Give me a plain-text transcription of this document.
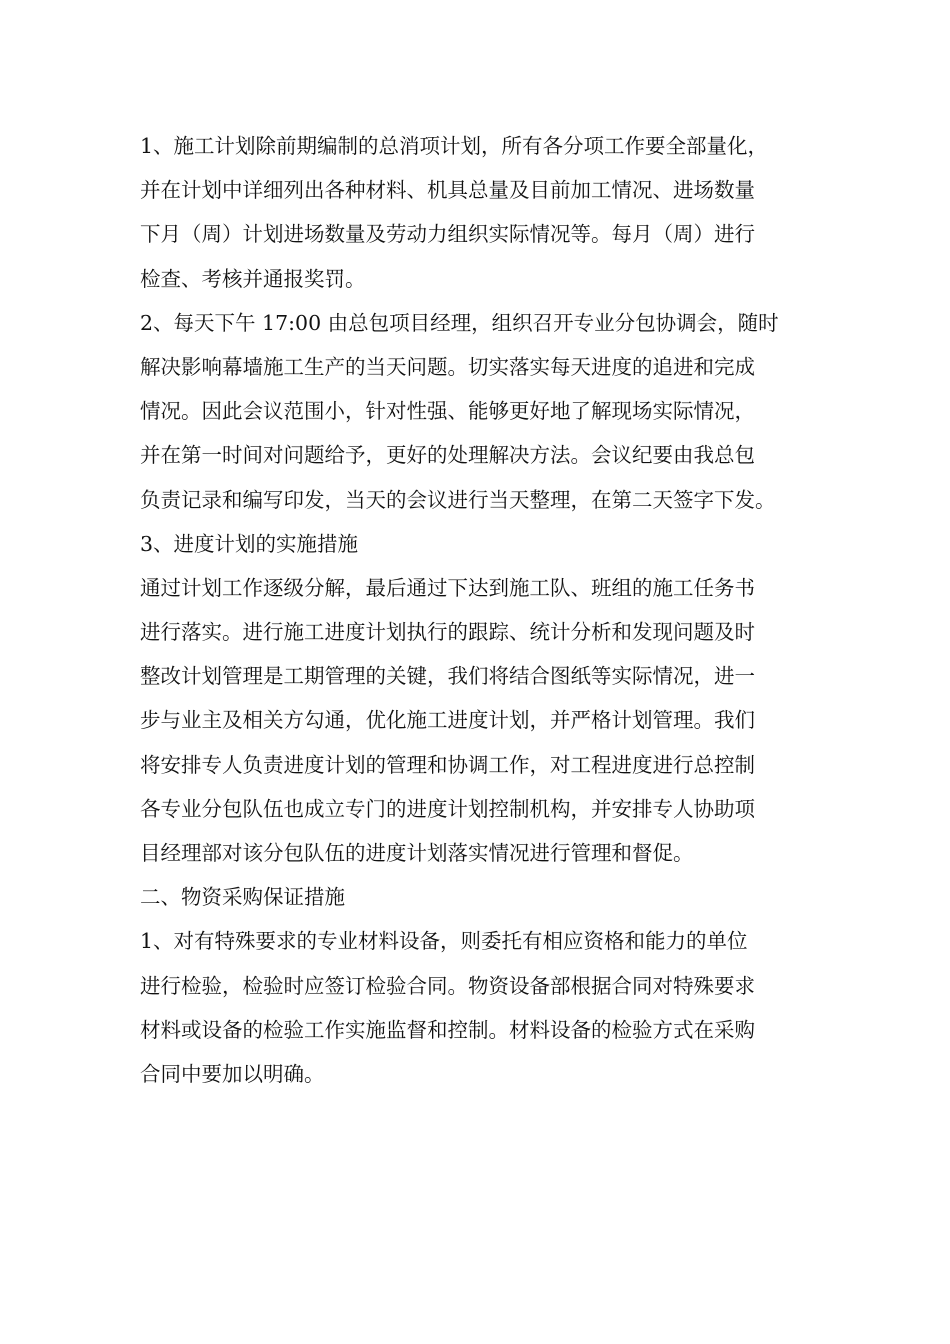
1、施工计划除前期编制的总消项计划，所有各分项工作要全部量化，
并在计划中详细列出各种材料、机具总量及目前加工情况、进场数量
下月（周）计划进场数量及劳动力组织实际情况等。每月（周）进行
检查、考核并通报奖罚。
2、每天下午 17:00 由总包项目经理，组织召开专业分包协调会，随时
解决影响幕墙施工生产的当天问题。切实落实每天进度的追进和完成
情况。因此会议范围小，针对性强、能够更好地了解现场实际情况，
并在第一时间对问题给予，更好的处理解决方法。会议纪要由我总包
负责记录和编写印发，当天的会议进行当天整理，在第二天签字下发。
3、进度计划的实施措施
通过计划工作逐级分解，最后通过下达到施工队、班组的施工任务书
进行落实。进行施工进度计划执行的跟踪、统计分析和发现问题及时
整改计划管理是工期管理的关键，我们将结合图纸等实际情况，进一
步与业主及相关方勾通，优化施工进度计划，并严格计划管理。我们
将安排专人负责进度计划的管理和协调工作，对工程进度进行总控制
各专业分包队伍也成立专门的进度计划控制机构，并安排专人协助项
目经理部对该分包队伍的进度计划落实情况进行管理和督促。
二、物资采购保证措施
1、对有特殊要求的专业材料设备，则委托有相应资格和能力的单位
进行检验，检验时应签订检验合同。物资设备部根据合同对特殊要求
材料或设备的检验工作实施监督和控制。材料设备的检验方式在采购
合同中要加以明确。
